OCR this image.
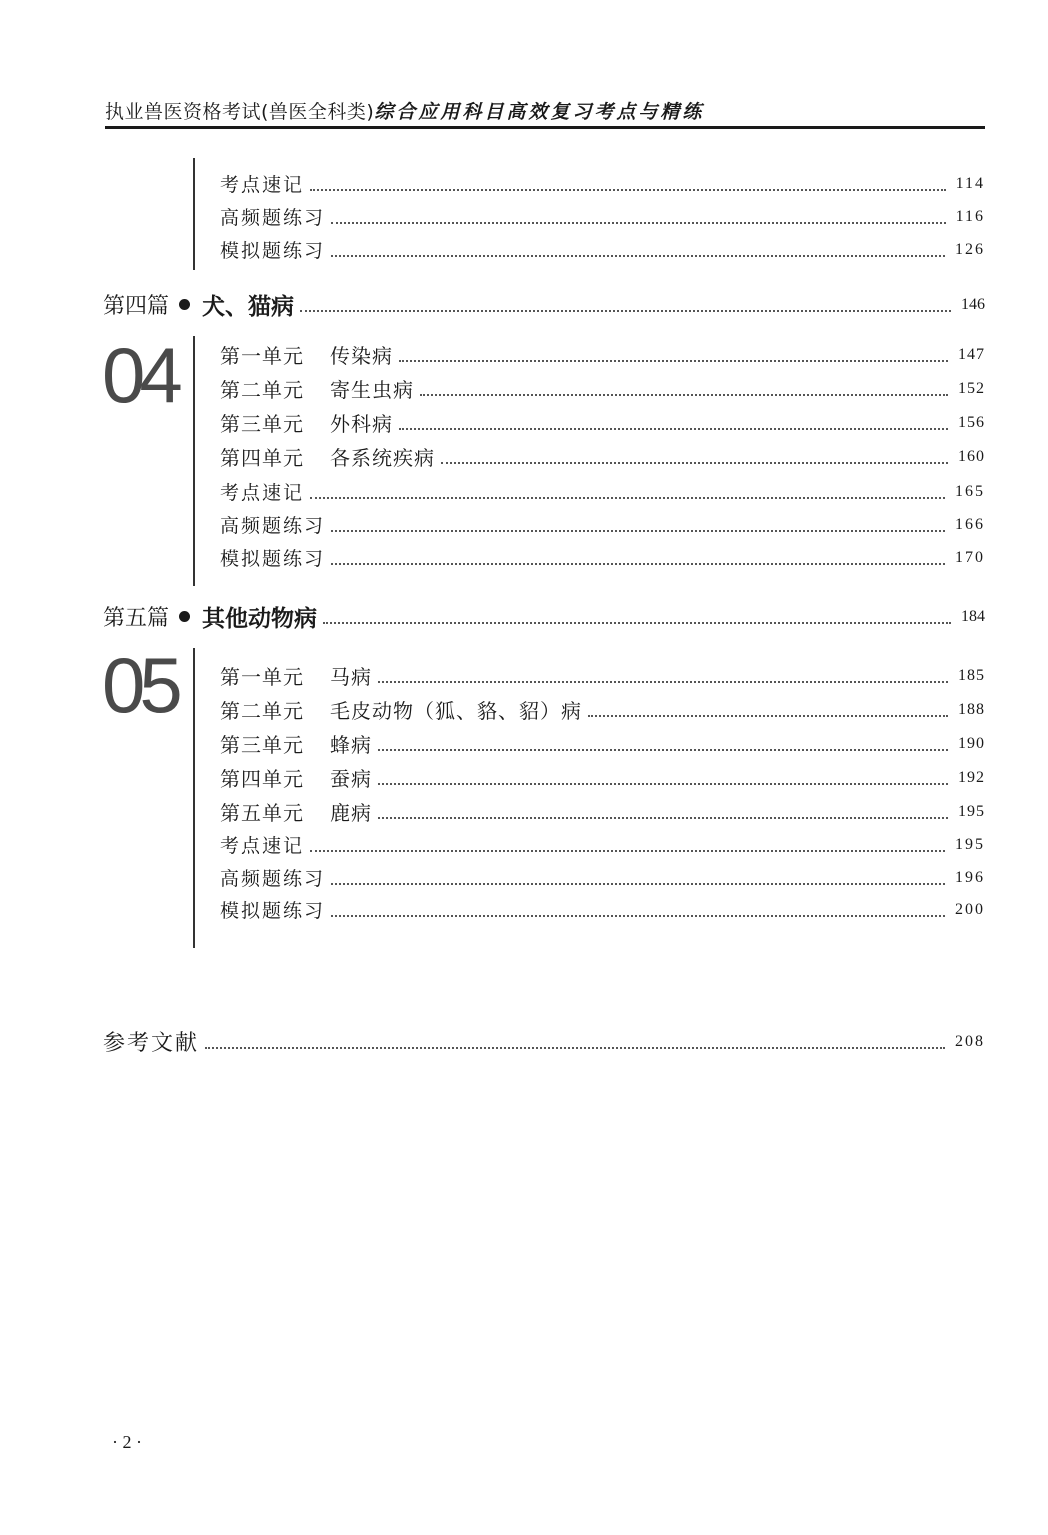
执业兽医资格考试(兽医全科类)综合应用科目高效复习考点与精练
考点速记	114
高频题练习	116
模拟题练习	126
第四篇 犬、猫病	146
04 第一单元 传染病	147
第二单元 寄生虫病	152
第三单元 外科病	156
第四单元 各系统疾病	160
考点速记	165
高频题练习	166
模拟题练习	170
第五篇 其他动物病	184
05 第一单元 马病	185
第二单元 毛皮动物（狐、貉、貂）病	188
第三单元 蜂病	190
第四单元 蚕病	192
第五单元 鹿病	195
考点速记	195
高频题练习	196
模拟题练习	200
参考文献	208
· 2 ·
